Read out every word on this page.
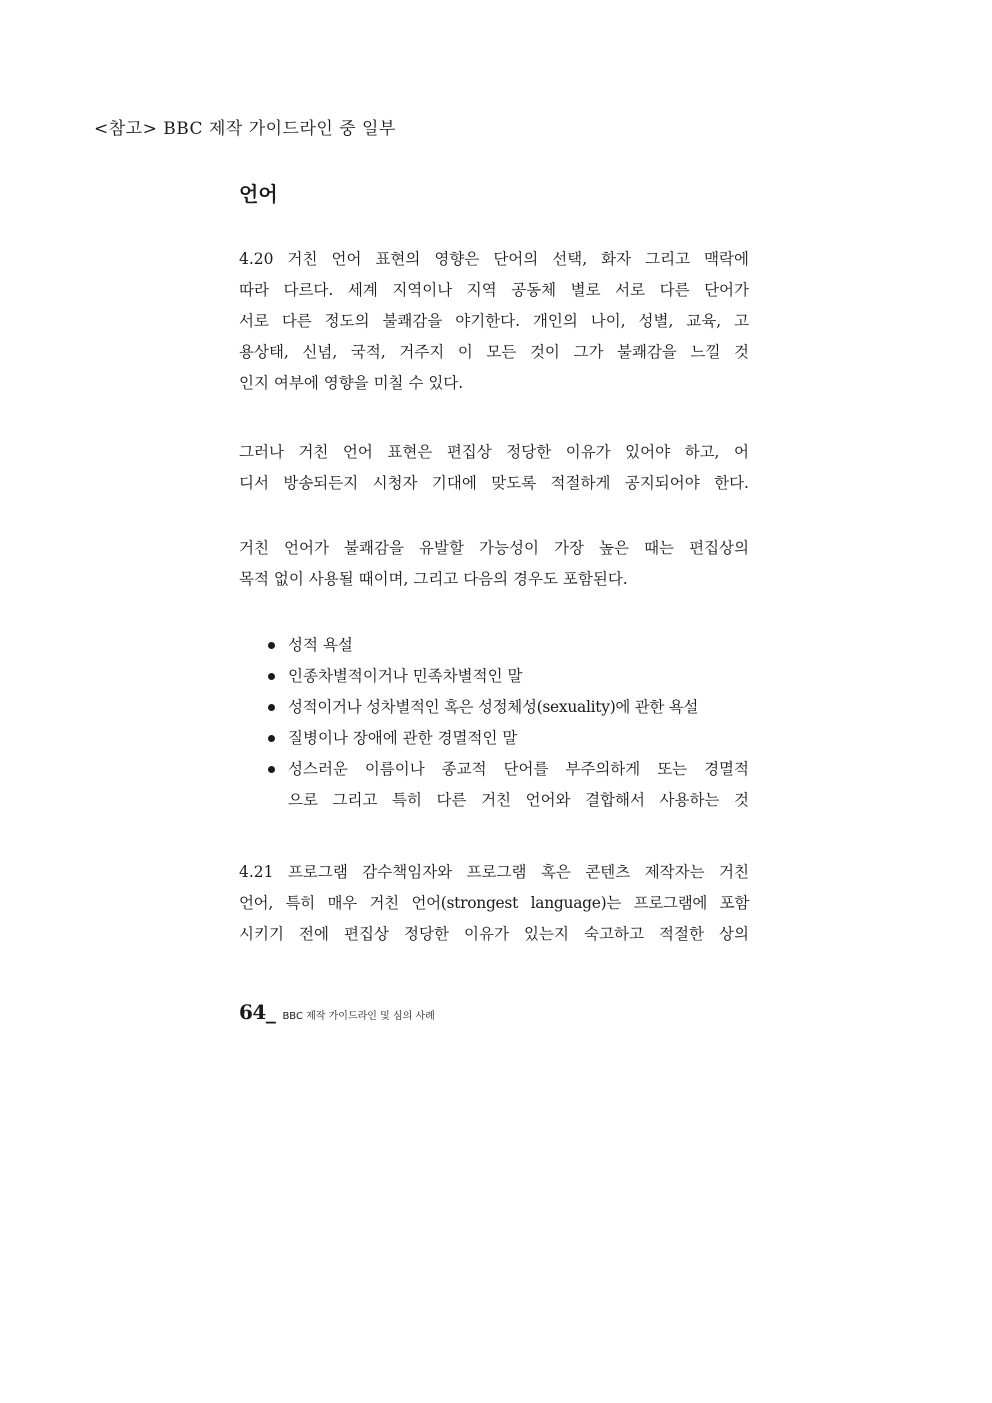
<참고> BBC 제작 가이드라인 중 일부
언어
4.20 거친 언어 표현의 영향은 단어의 선택, 화자 그리고 맥락에
따라 다르다. 세계 지역이나 지역 공동체 별로 서로 다른 단어가
서로 다른 정도의 불쾌감을 야기한다. 개인의 나이, 성별, 교육, 고
용상태, 신념, 국적, 거주지 이 모든 것이 그가 불쾌감을 느낄 것
인지 여부에 영향을 미칠 수 있다.
그러나 거친 언어 표현은 편집상 정당한 이유가 있어야 하고, 어
디서 방송되든지 시청자 기대에 맞도록 적절하게 공지되어야 한다.
거친 언어가 불쾌감을 유발할 가능성이 가장 높은 때는 편집상의
목적 없이 사용될 때이며, 그리고 다음의 경우도 포함된다.
성적 욕설
인종차별적이거나 민족차별적인 말
성적이거나 성차별적인 혹은 성정체성(sexuality)에 관한 욕설
질병이나 장애에 관한 경멸적인 말
성스러운 이름이나 종교적 단어를 부주의하게 또는 경멸적
으로 그리고 특히 다른 거친 언어와 결합해서 사용하는 것
4.21 프로그램 감수책임자와 프로그램 혹은 콘텐츠 제작자는 거친
언어, 특히 매우 거친 언어(strongest language)는 프로그램에 포함
시키기 전에 편집상 정당한 이유가 있는지 숙고하고 적절한 상의
64_ BBC 제작 가이드라인 및 심의 사례
